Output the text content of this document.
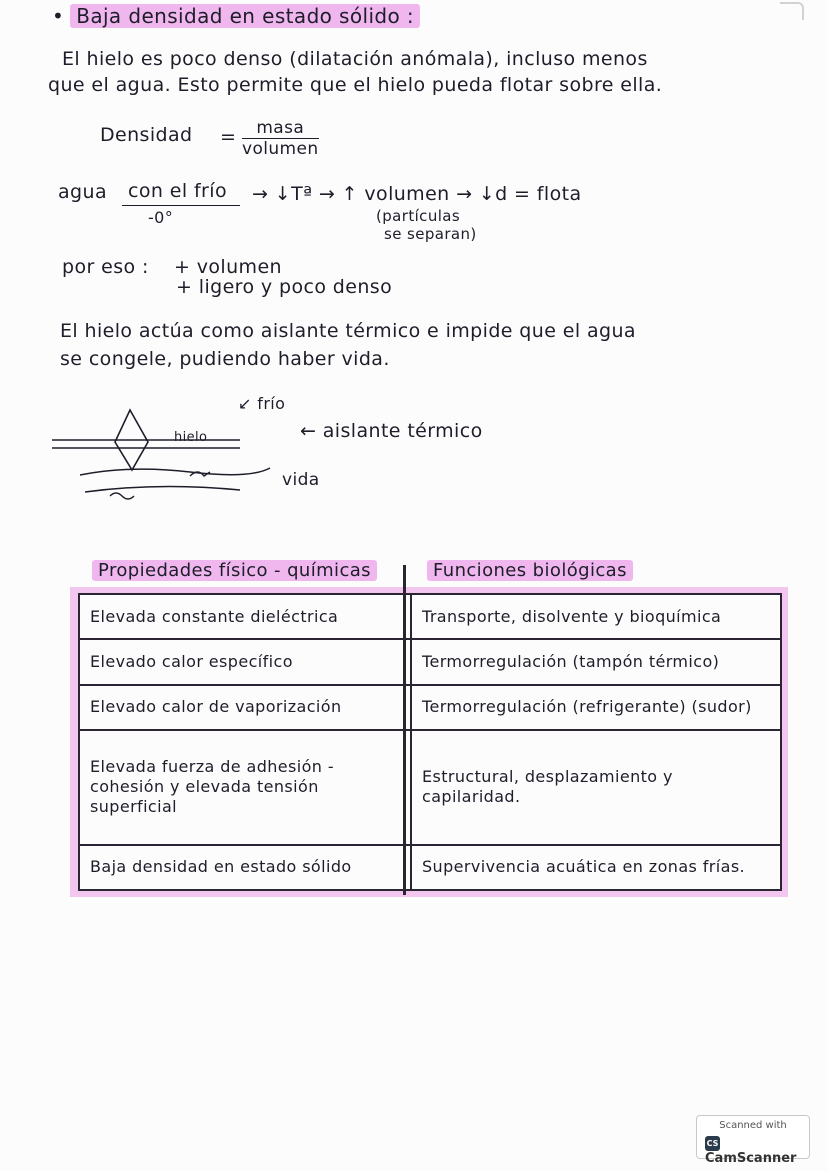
• Baja densidad en estado sólido :
El hielo es poco denso (dilatación anómala), incluso menos
que el agua. Esto permite que el hielo pueda flotar sobre ella.
Densidad =	masa
volumen
agua con el frío
-0°
→ ↓Tª → ↑ volumen → ↓d = flota
(partículas
se separan)
por eso : + volumen
+ ligero y poco denso
El hielo actúa como aislante térmico e impide que el agua
se congele, pudiendo haber vida.
↙ frío
hielo	← aislante térmico
vida
Propiedades físico - químicas	Funciones biológicas
Elevada constante dieléctrica	Transporte, disolvente y bioquímica
Elevado calor específico	Termorregulación (tampón térmico)
Elevado calor de vaporización	Termorregulación (refrigerante) (sudor)
Elevada fuerza de adhesión -cohesión y elevada tensión superficial	Estructural, desplazamiento y capilaridad.
Baja densidad en estado sólido	Supervivencia acuática en zonas frías.
Scanned with
CSCamScanner
